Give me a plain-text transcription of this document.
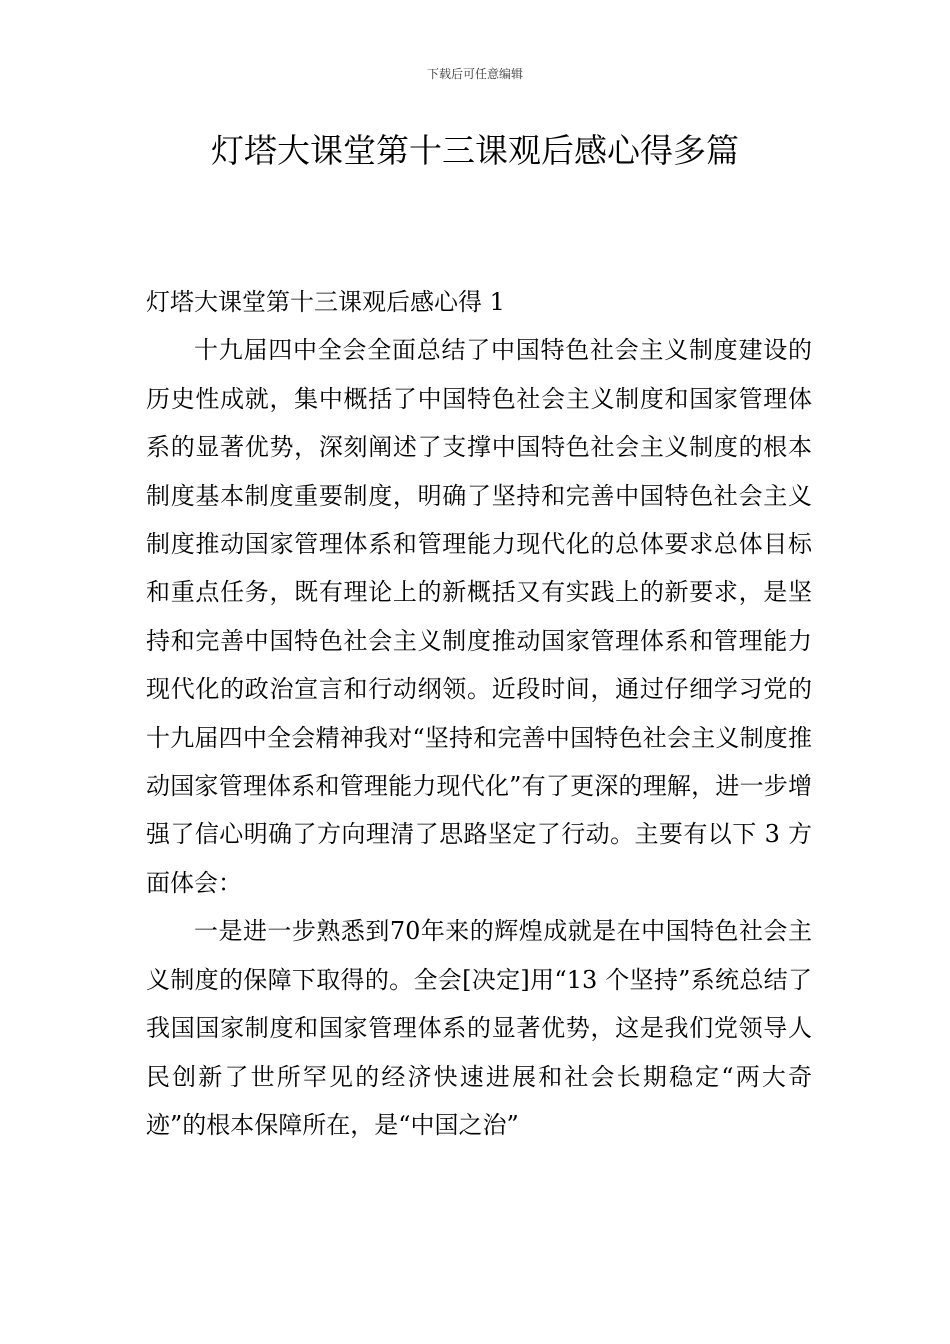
下载后可任意编辑
灯塔大课堂第十三课观后感心得多篇
灯塔大课堂第十三课观后感心得 1

十九届四中全会全面总结了中国特色社会主义制度建设的历史性成就，集中概括了中国特色社会主义制度和国家管理体系的显著优势，深刻阐述了支撑中国特色社会主义制度的根本制度基本制度重要制度，明确了坚持和完善中国特色社会主义制度推动国家管理体系和管理能力现代化的总体要求总体目标和重点任务，既有理论上的新概括又有实践上的新要求，是坚持和完善中国特色社会主义制度推动国家管理体系和管理能力现代化的政治宣言和行动纲领。近段时间，通过仔细学习党的十九届四中全会精神我对“坚持和完善中国特色社会主义制度推动国家管理体系和管理能力现代化”有了更深的理解，进一步增强了信心明确了方向理清了思路坚定了行动。主要有以下 3 方面体会：

一是进一步熟悉到70年来的辉煌成就是在中国特色社会主义制度的保障下取得的。全会[决定]用“13 个坚持”系统总结了我国国家制度和国家管理体系的显著优势，这是我们党领导人民创新了世所罕见的经济快速进展和社会长期稳定“两大奇迹”的根本保障所在，是“中国之治”
